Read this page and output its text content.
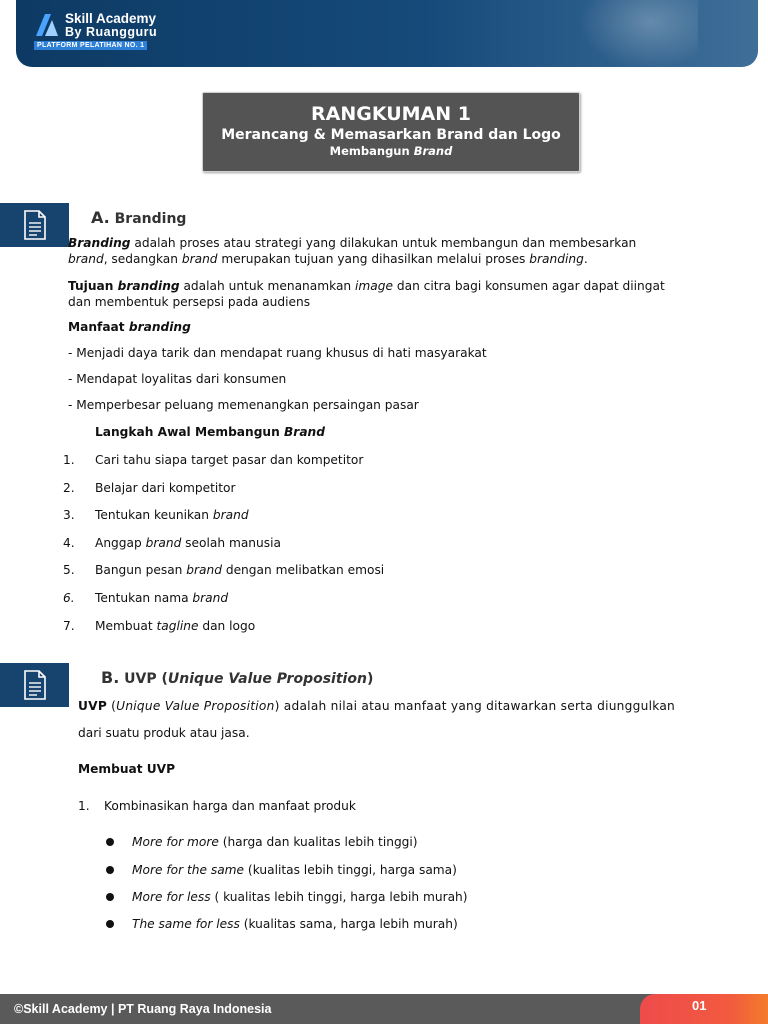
Skill Academy
By Ruangguru
PLATFORM PELATIHAN NO. 1
RANGKUMAN 1
Merancang & Memasarkan Brand dan Logo
Membangun Brand
A. Branding
Branding adalah proses atau strategi yang dilakukan untuk membangun dan membesarkan
brand, sedangkan brand merupakan tujuan yang dihasilkan melalui proses branding.
Tujuan branding adalah untuk menanamkan image dan citra bagi konsumen agar dapat diingat
dan membentuk persepsi pada audiens
Manfaat branding
- Menjadi daya tarik dan mendapat ruang khusus di hati masyarakat
- Mendapat loyalitas dari konsumen
- Memperbesar peluang memenangkan persaingan pasar
Langkah Awal Membangun Brand
1. Cari tahu siapa target pasar dan kompetitor
2. Belajar dari kompetitor
3. Tentukan keunikan brand
4. Anggap brand seolah manusia
5. Bangun pesan brand dengan melibatkan emosi
6. Tentukan nama brand
7. Membuat tagline dan logo
B. UVP (Unique Value Proposition)
UVP (Unique Value Proposition) adalah nilai atau manfaat yang ditawarkan serta diunggulkan
dari suatu produk atau jasa.
Membuat UVP
1. Kombinasikan harga dan manfaat produk
More for more (harga dan kualitas lebih tinggi)
More for the same (kualitas lebih tinggi, harga sama)
More for less ( kualitas lebih tinggi, harga lebih murah)
The same for less (kualitas sama, harga lebih murah)
©Skill Academy | PT Ruang Raya Indonesia	01
